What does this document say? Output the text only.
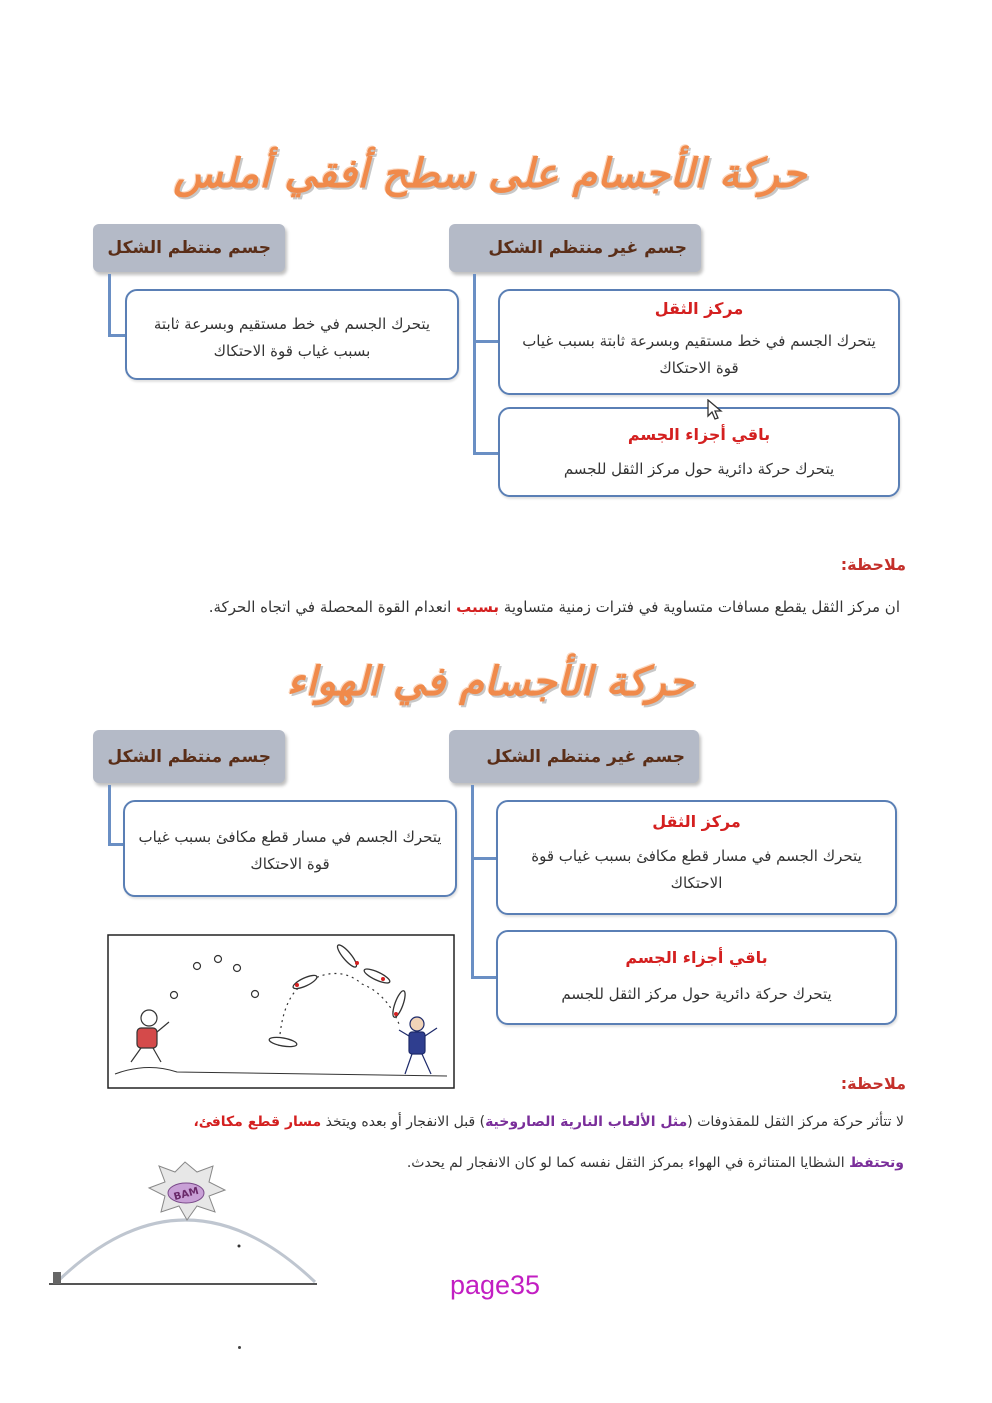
حركة الأجسام على سطح أفقي أملس
جسم منتظم الشكل	جسم غير منتظم الشكل
يتحرك الجسم في خط مستقيم وبسرعة ثابتة بسبب غياب قوة الاحتكاك
مركز الثقل
يتحرك الجسم في خط مستقيم وبسرعة ثابتة بسبب غياب قوة الاحتكاك
باقي أجزاء الجسم
يتحرك حركة دائرية حول مركز الثقل للجسم
ملاحظة:
ان مركز الثقل يقطع مسافات متساوية في فترات زمنية متساوية بسبب انعدام القوة المحصلة في اتجاه الحركة.
حركة الأجسام في الهواء
جسم منتظم الشكل	جسم غير منتظم الشكل
يتحرك الجسم في مسار قطع مكافئ بسبب غياب قوة الاحتكاك
مركز الثقل
يتحرك الجسم في مسار قطع مكافئ بسبب غياب قوة الاحتكاك
باقي أجزاء الجسم
يتحرك حركة دائرية حول مركز الثقل للجسم
ملاحظة:
لا تتأثر حركة مركز الثقل للمقذوفات (مثل الألعاب النارية الصاروخية) قبل الانفجار أو بعده ويتخذ مسار قطع مكافئ،
وتحتفظ الشظايا المتناثرة في الهواء بمركز الثقل نفسه كما لو كان الانفجار لم يحدث.
BAM
page35
